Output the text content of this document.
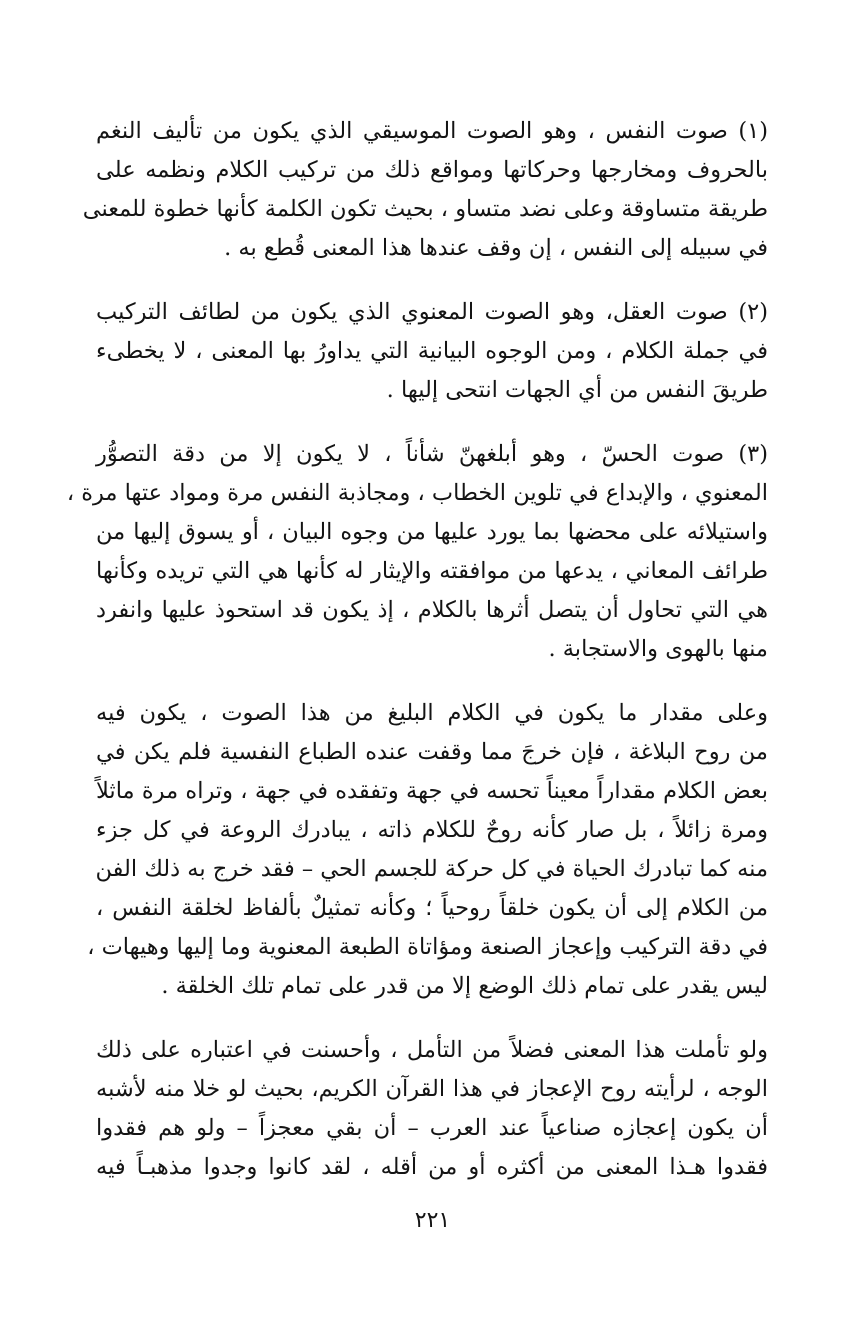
(١) صوت النفس ، وهو الصوت الموسيقي الذي يكون من تأليف النغم
بالحروف ومخارجها وحركاتها ومواقع ذلك من تركيب الكلام ونظمه على
طريقة متساوقة وعلى نضد متساو ، بحيث تكون الكلمة كأنها خطوة للمعنى
في سبيله إلى النفس ، إن وقف عندها هذا المعنى قُطع به .
(٢) صوت العقل، وهو الصوت المعنوي الذي يكون من لطائف التركيب
في جملة الكلام ، ومن الوجوه البيانية التي يداورُ بها المعنى ، لا يخطىء
طريقَ النفس من أي الجهات انتحى إليها .
(٣) صوت الحسّ ، وهو أبلغهنّ شأناً ، لا يكون إلا من دقة التصوُّر
المعنوي ، والإبداع في تلوين الخطاب ، ومجاذبة النفس مرة ومواد عتها مرة ،
واستيلائه على محضها بما يورد عليها من وجوه البيان ، أو يسوق إليها من
طرائف المعاني ، يدعها من موافقته والإيثار له كأنها هي التي تريده وكأنها
هي التي تحاول أن يتصل أثرها بالكلام ، إذ يكون قد استحوذ عليها وانفرد
منها بالهوى والاستجابة .
وعلى مقدار ما يكون في الكلام البليغ من هذا الصوت ، يكون فيه
من روح البلاغة ، فإن خرجَ مما وقفت عنده الطباع النفسية فلم يكن في
بعض الكلام مقداراً معيناً تحسه في جهة وتفقده في جهة ، وتراه مرة ماثلاً
ومرة زائلاً ، بل صار كأنه روحٌ للكلام ذاته ، يبادرك الروعة في كل جزء
منه كما تبادرك الحياة في كل حركة للجسم الحي – فقد خرج به ذلك الفن
من الكلام إلى أن يكون خلقاً روحياً ؛ وكأنه تمثيلٌ بألفاظ لخلقة النفس ،
في دقة التركيب وإعجاز الصنعة ومؤاتاة الطبعة المعنوية وما إليها وهيهات ،
ليس يقدر على تمام ذلك الوضع إلا من قدر على تمام تلك الخلقة .
ولو تأملت هذا المعنى فضلاً من التأمل ، وأحسنت في اعتباره على ذلك
الوجه ، لرأيته روح الإعجاز في هذا القرآن الكريم، بحيث لو خلا منه لأشبه
أن يكون إعجازه صناعياً عند العرب – أن بقي معجزاً – ولو هم فقدوا
فقدوا هـذا المعنى من أكثره أو من أقله ، لقد كانوا وجدوا مذهبـاً فيه
٢٢١
